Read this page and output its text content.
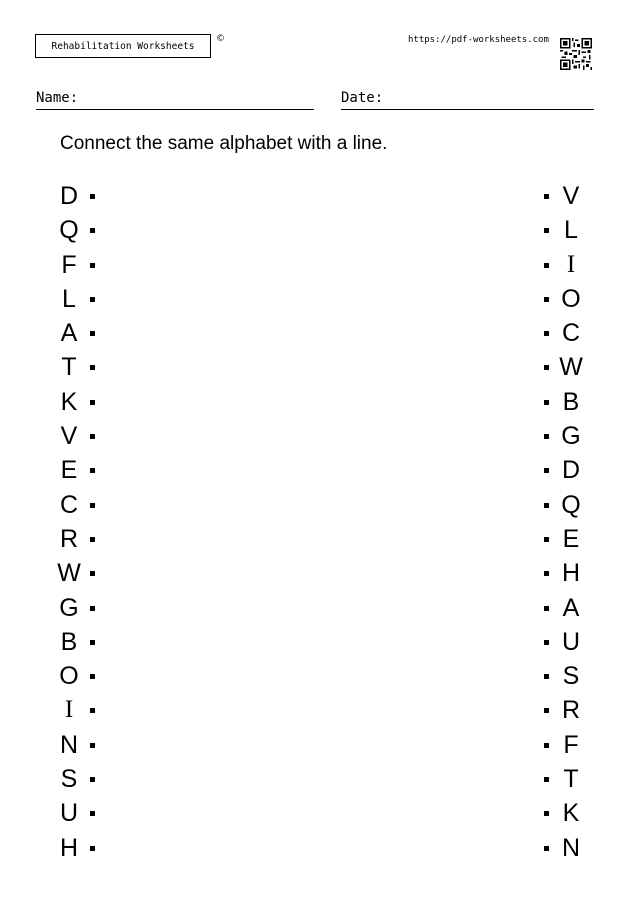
Rehabilitation Worksheets
©	https://pdf-worksheets.com
Name:	Date:
Connect the same alphabet with a line.
D
Q
F
L
A
T
K
V
E
C
R
W
G
B
O
I
N
S
U
H
V
L
I
O
C
W
B
G
D
Q
E
H
A
U
S
R
F
T
K
N
